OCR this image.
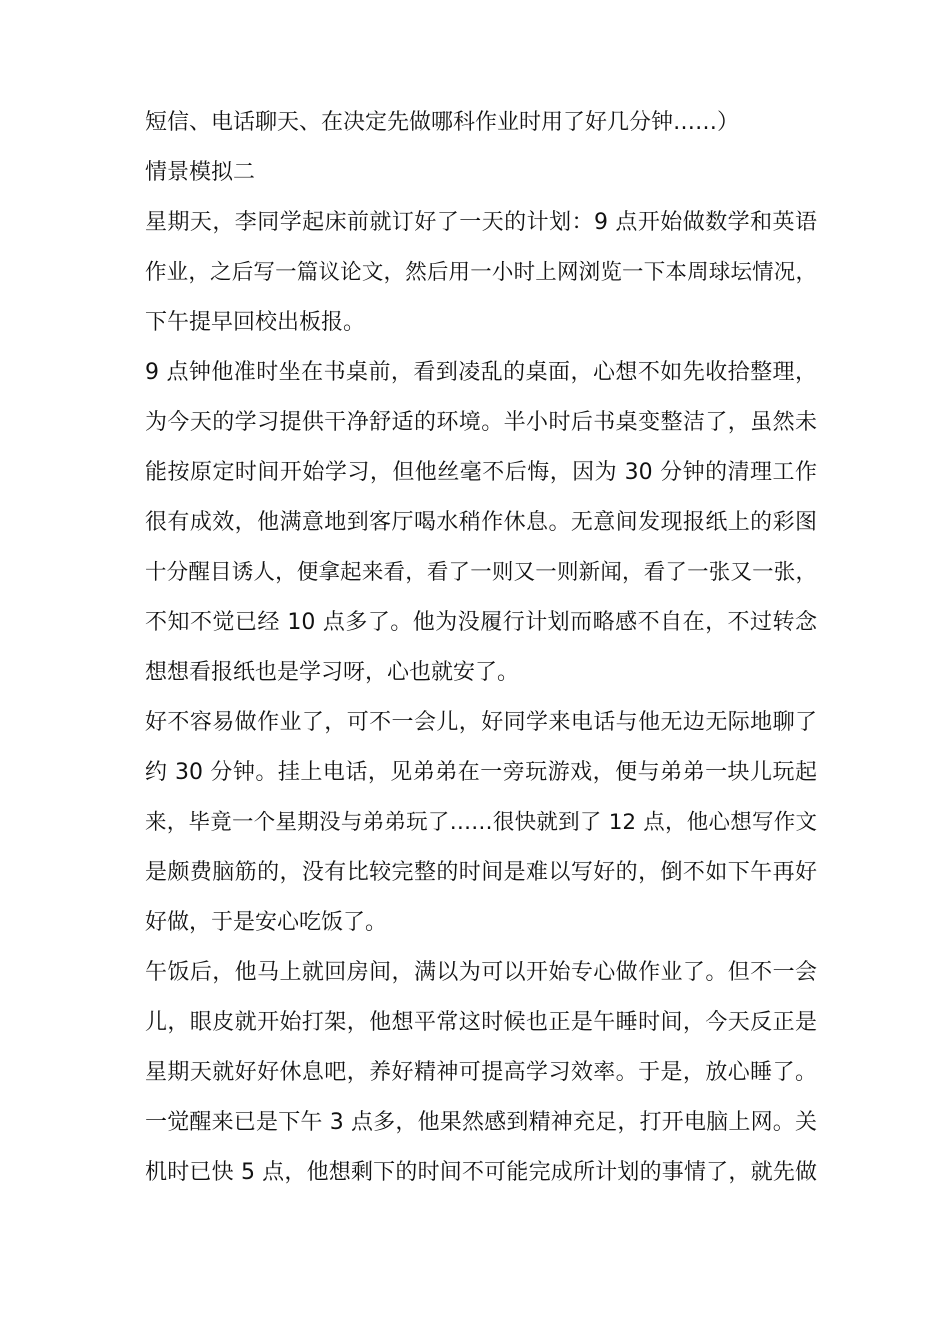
短信、电话聊天、在决定先做哪科作业时用了好几分钟……）
情景模拟二
星期天，李同学起床前就订好了一天的计划：9 点开始做数学和英语
作业，之后写一篇议论文，然后用一小时上网浏览一下本周球坛情况，
下午提早回校出板报。
9 点钟他准时坐在书桌前，看到凌乱的桌面，心想不如先收拾整理，
为今天的学习提供干净舒适的环境。半小时后书桌变整洁了，虽然未
能按原定时间开始学习，但他丝毫不后悔，因为 30 分钟的清理工作
很有成效，他满意地到客厅喝水稍作休息。无意间发现报纸上的彩图
十分醒目诱人，便拿起来看，看了一则又一则新闻，看了一张又一张，
不知不觉已经 10 点多了。他为没履行计划而略感不自在，不过转念
想想看报纸也是学习呀，心也就安了。
好不容易做作业了，可不一会儿，好同学来电话与他无边无际地聊了
约 30 分钟。挂上电话，见弟弟在一旁玩游戏，便与弟弟一块儿玩起
来，毕竟一个星期没与弟弟玩了……很快就到了 12 点，他心想写作文
是颇费脑筋的，没有比较完整的时间是难以写好的，倒不如下午再好
好做，于是安心吃饭了。
午饭后，他马上就回房间，满以为可以开始专心做作业了。但不一会
儿，眼皮就开始打架，他想平常这时候也正是午睡时间，今天反正是
星期天就好好休息吧，养好精神可提高学习效率。于是，放心睡了。
一觉醒来已是下午 3 点多，他果然感到精神充足，打开电脑上网。关
机时已快 5 点，他想剩下的时间不可能完成所计划的事情了，就先做
